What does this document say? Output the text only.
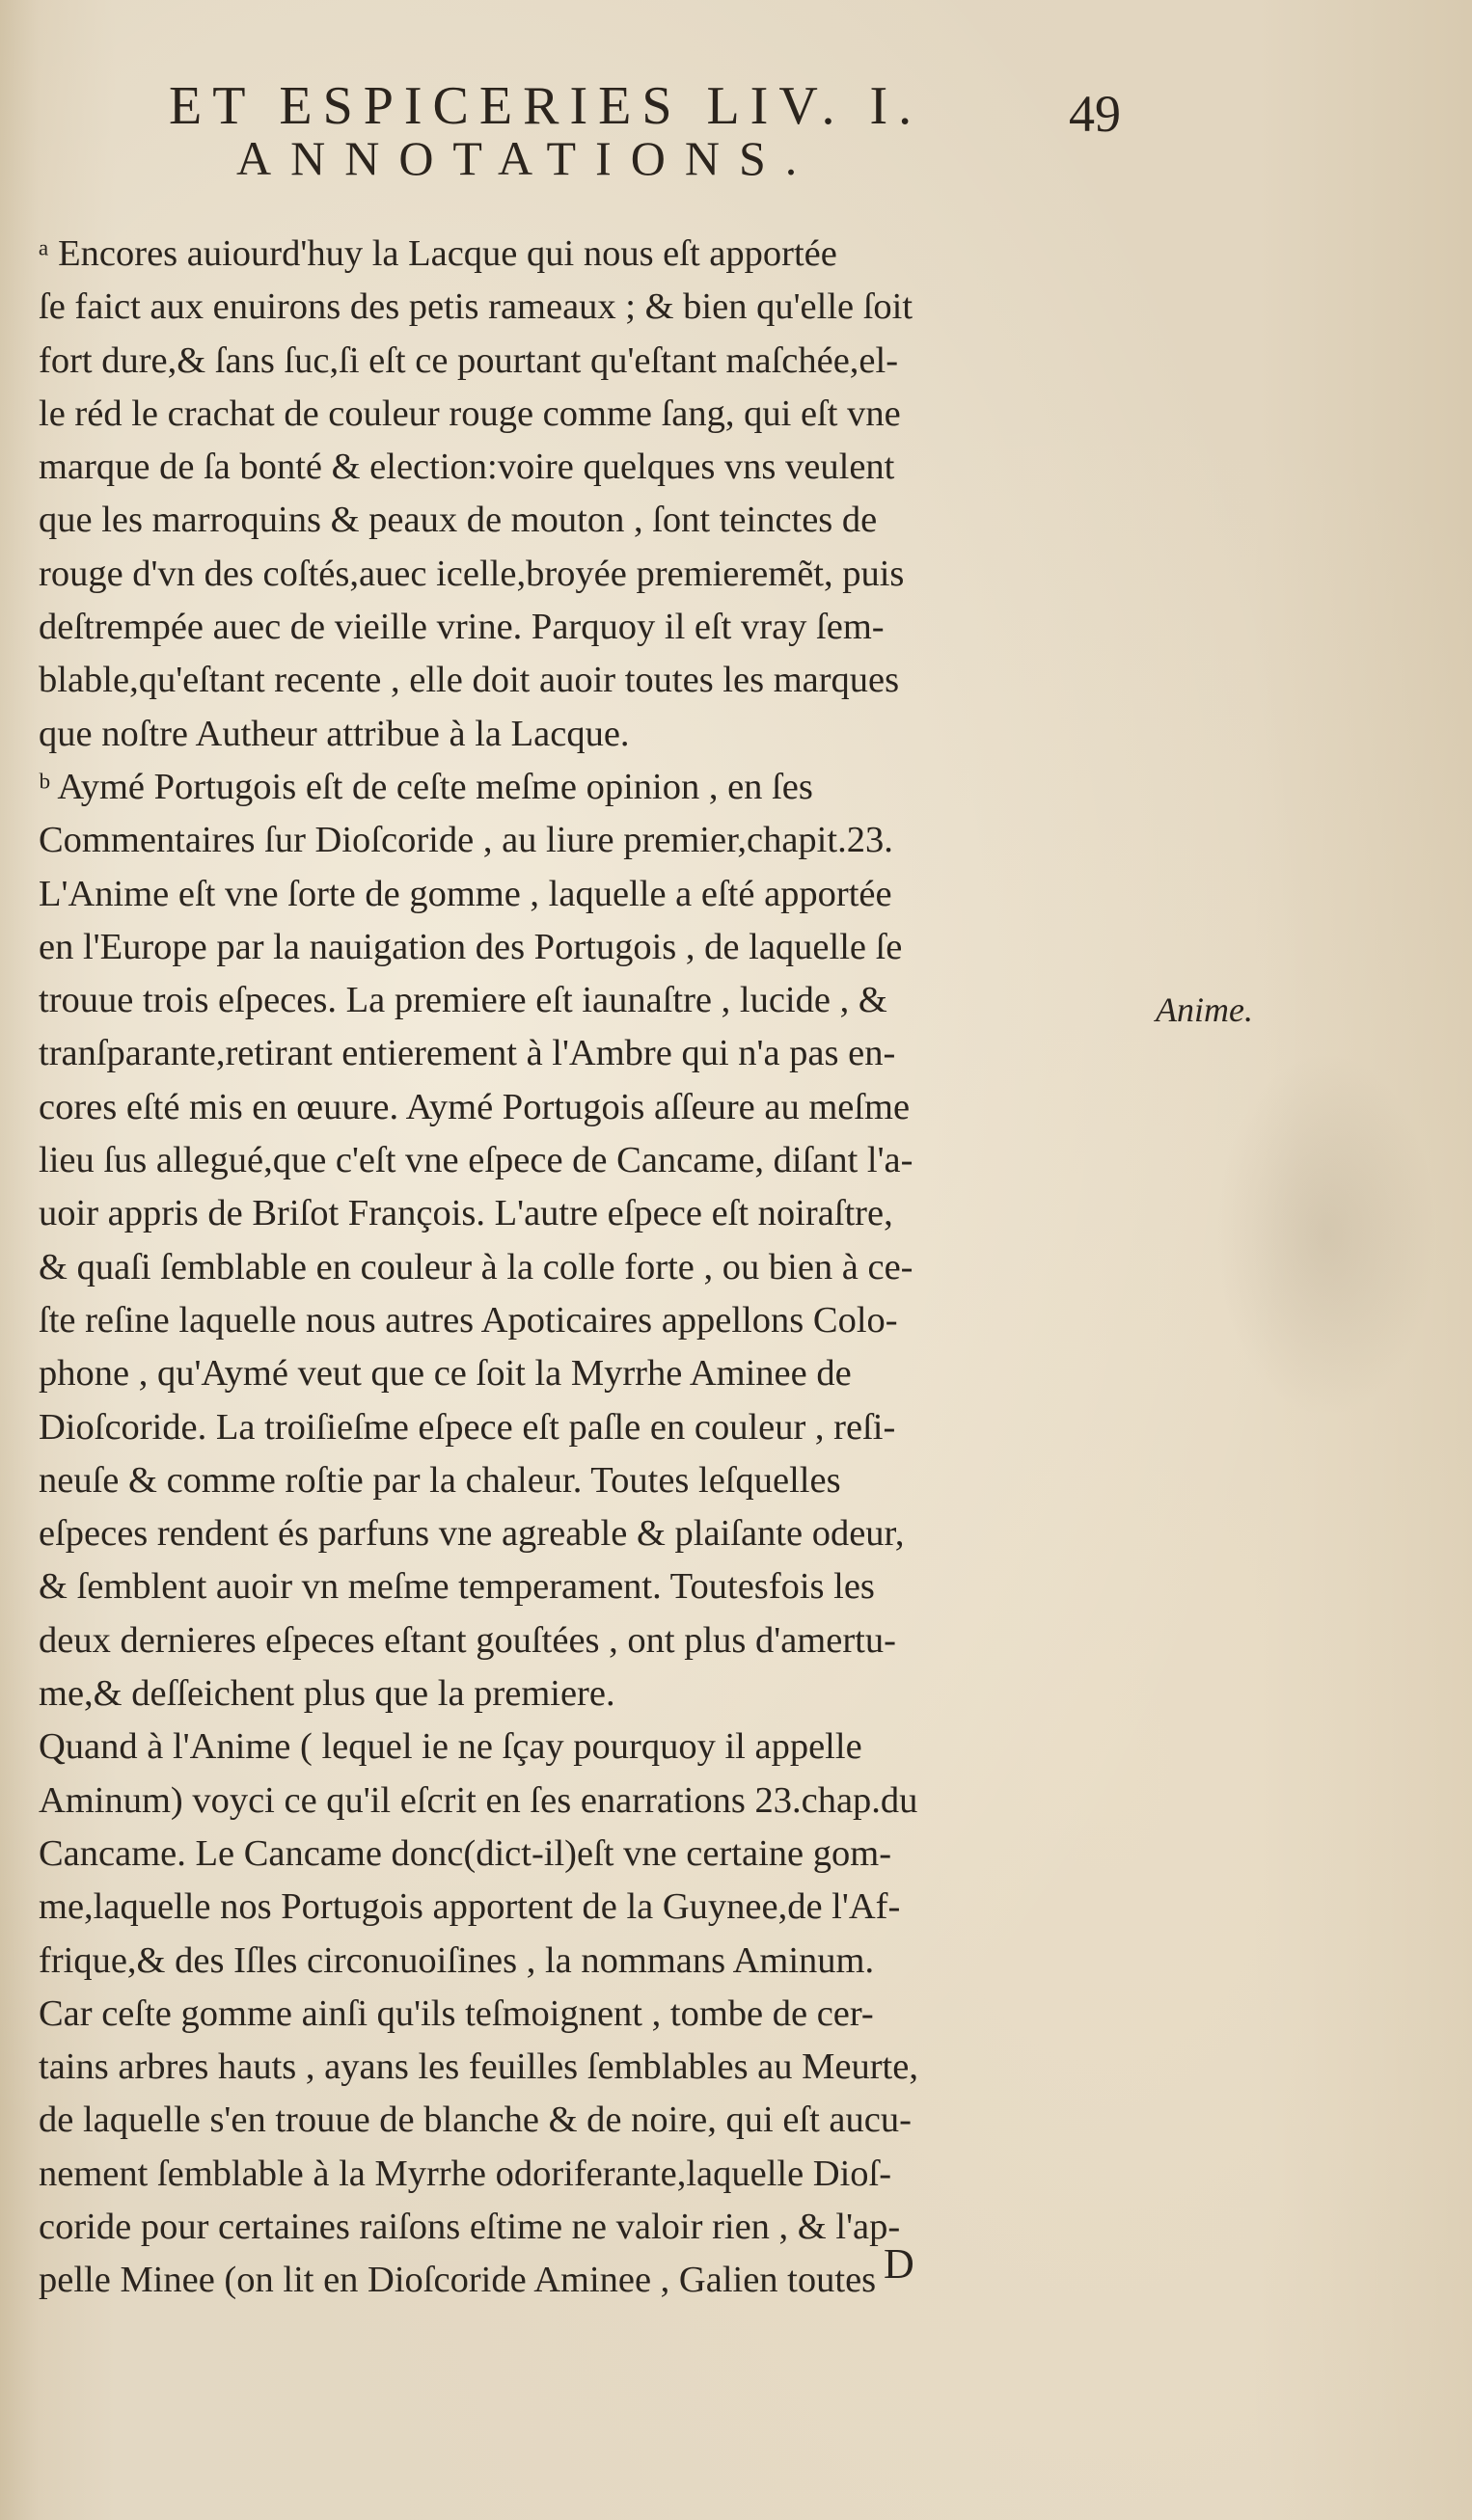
ET ESPICERIES LIV. I.
ANNOTATIONS.
49
ᵃ Encores auiourd'huy la Lacque qui nous eſt apportée
ſe faict aux enuirons des petis rameaux ; & bien qu'elle ſoit
fort dure,& ſans ſuc,ſi eſt ce pourtant qu'eſtant maſchée,el-
le réd le crachat de couleur rouge comme ſang, qui eſt vne
marque de ſa bonté & election:voire quelques vns veulent
que les marroquins & peaux de mouton , ſont teinctes de
rouge d'vn des coſtés,auec icelle,broyée premieremẽt, puis
deſtrempée auec de vieille vrine. Parquoy il eſt vray ſem-
blable,qu'eſtant recente , elle doit auoir toutes les marques
que noſtre Autheur attribue à la Lacque.
ᵇ Aymé Portugois eſt de ceſte meſme opinion , en ſes
Commentaires ſur Dioſcoride , au liure premier,chapit.23.
L'Anime eſt vne ſorte de gomme , laquelle a eſté apportée
en l'Europe par la nauigation des Portugois , de laquelle ſe
trouue trois eſpeces. La premiere eſt iaunaſtre , lucide , &
tranſparante,retirant entierement à l'Ambre qui n'a pas en-
cores eſté mis en œuure. Aymé Portugois aſſeure au meſme
lieu ſus allegué,que c'eſt vne eſpece de Cancame, diſant l'a-
uoir appris de Briſot François. L'autre eſpece eſt noiraſtre,
& quaſi ſemblable en couleur à la colle forte , ou bien à ce-
ſte reſine laquelle nous autres Apoticaires appellons Colo-
phone , qu'Aymé veut que ce ſoit la Myrrhe Aminee de
Dioſcoride. La troiſieſme eſpece eſt paſle en couleur , reſi-
neuſe & comme roſtie par la chaleur. Toutes leſquelles
eſpeces rendent és parfuns vne agreable & plaiſante odeur,
& ſemblent auoir vn meſme temperament. Toutesfois les
deux dernieres eſpeces eſtant gouſtées , ont plus d'amertu-
me,& deſſeichent plus que la premiere.
Quand à l'Anime ( lequel ie ne ſçay pourquoy il appelle
Aminum) voyci ce qu'il eſcrit en ſes enarrations 23.chap.du
Cancame. Le Cancame donc(dict-il)eſt vne certaine gom-
me,laquelle nos Portugois apportent de la Guynee,de l'Af-
frique,& des Iſles circonuoiſines , la nommans Aminum.
Car ceſte gomme ainſi qu'ils teſmoignent , tombe de cer-
tains arbres hauts , ayans les feuilles ſemblables au Meurte,
de laquelle s'en trouue de blanche & de noire, qui eſt aucu-
nement ſemblable à la Myrrhe odoriferante,laquelle Dioſ-
coride pour certaines raiſons eſtime ne valoir rien , & l'ap-
pelle Minee (on lit en Dioſcoride Aminee , Galien toutes
Anime.
D
